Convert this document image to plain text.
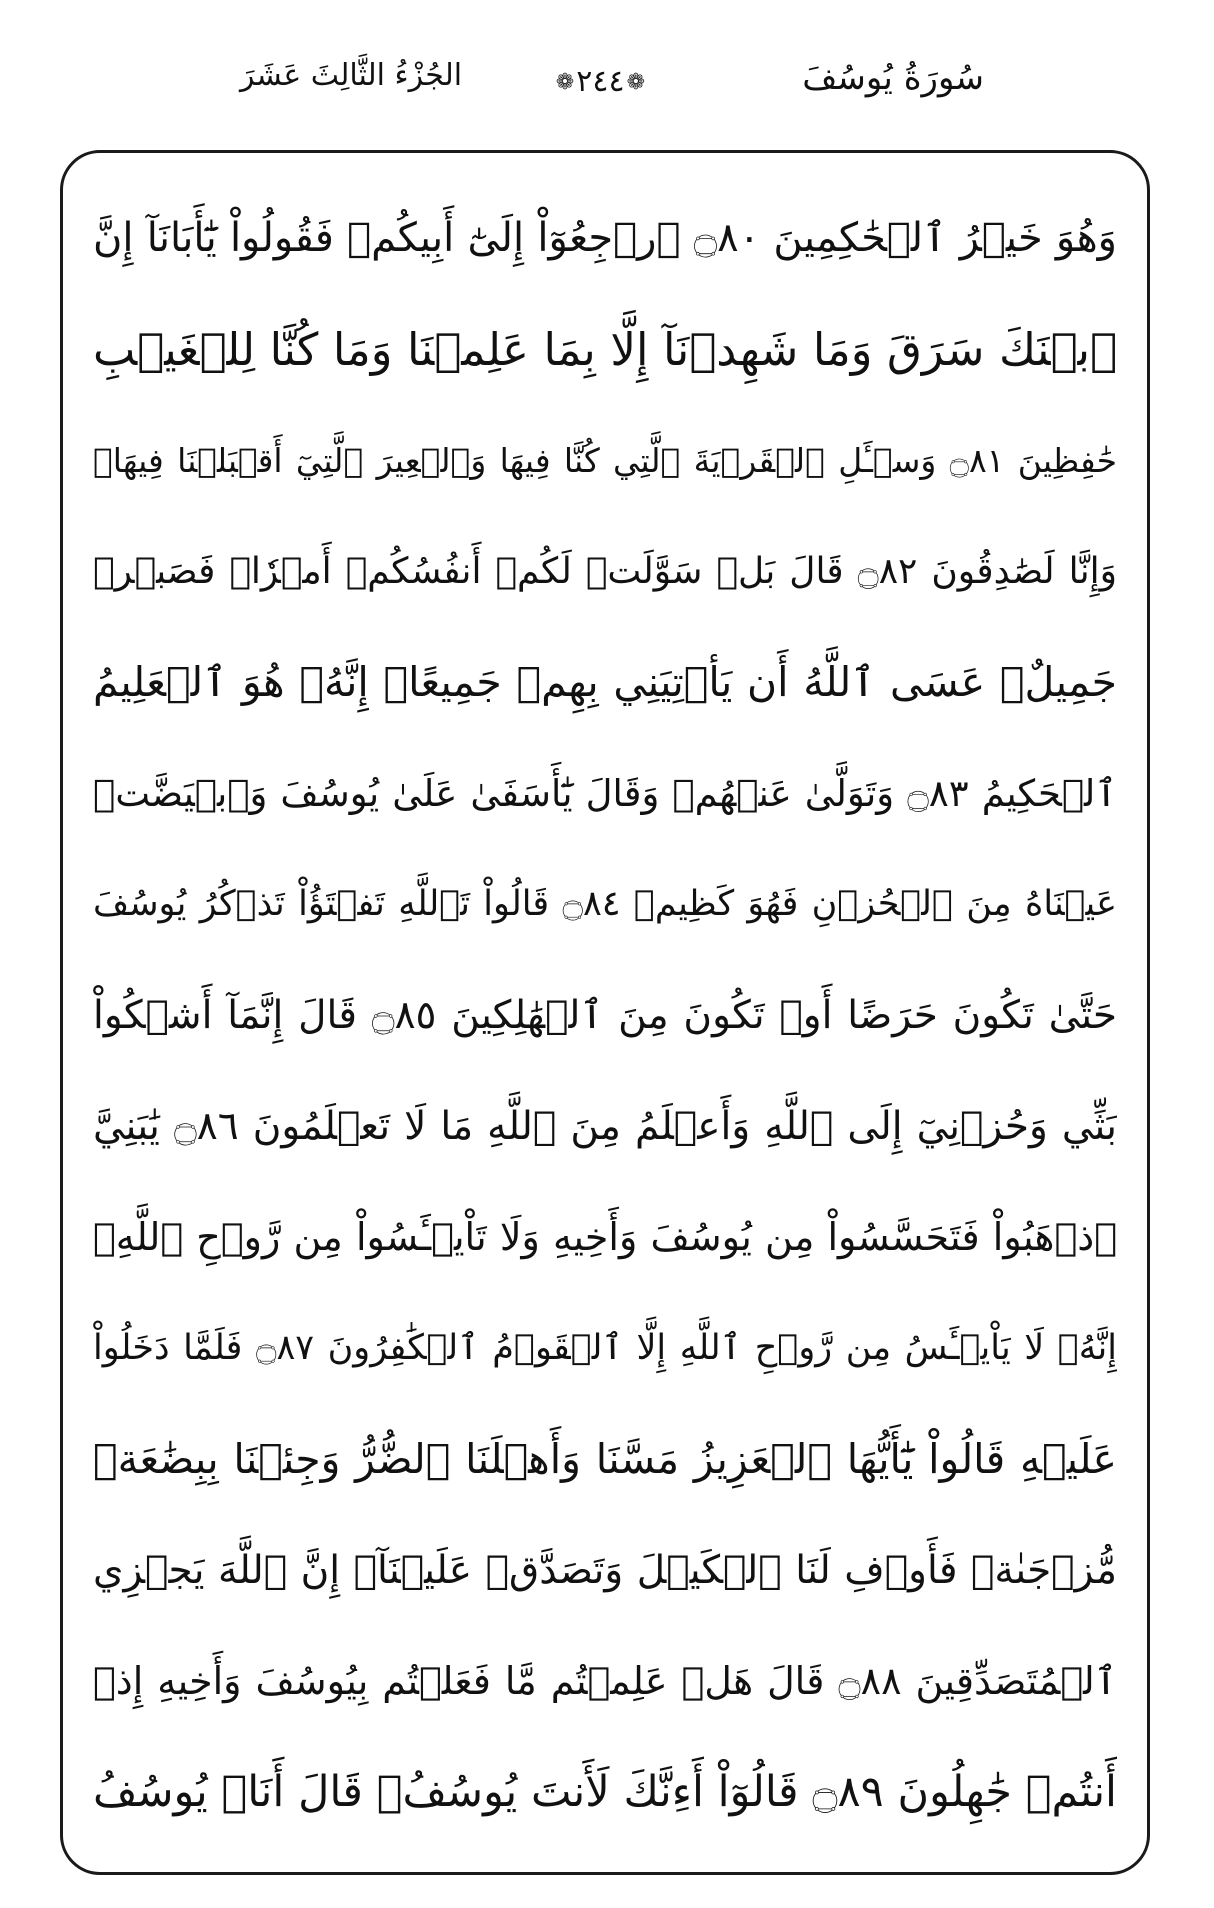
سُورَةُ يُوسُفَ
❁٢٤٤❁
الجُزْءُ الثَّالِثَ عَشَرَ
وَهُوَ خَيۡرُ ٱلۡحَٰكِمِينَ ۝٨٠ ٱرۡجِعُوٓاْ إِلَىٰٓ أَبِيكُمۡ فَقُولُواْ يَٰٓأَبَانَآ إِنَّ
ٱبۡنَكَ سَرَقَ وَمَا شَهِدۡنَآ إِلَّا بِمَا عَلِمۡنَا وَمَا كُنَّا لِلۡغَيۡبِ
حَٰفِظِينَ ۝٨١ وَسۡـَٔلِ ٱلۡقَرۡيَةَ ٱلَّتِي كُنَّا فِيهَا وَٱلۡعِيرَ ٱلَّتِيٓ أَقۡبَلۡنَا فِيهَاۖ
وَإِنَّا لَصَٰدِقُونَ ۝٨٢ قَالَ بَلۡ سَوَّلَتۡ لَكُمۡ أَنفُسُكُمۡ أَمۡرٗاۖ فَصَبۡرٞ
جَمِيلٌۖ عَسَى ٱللَّهُ أَن يَأۡتِيَنِي بِهِمۡ جَمِيعًاۚ إِنَّهُۥ هُوَ ٱلۡعَلِيمُ
ٱلۡحَكِيمُ ۝٨٣ وَتَوَلَّىٰ عَنۡهُمۡ وَقَالَ يَٰٓأَسَفَىٰ عَلَىٰ يُوسُفَ وَٱبۡيَضَّتۡ
عَيۡنَاهُ مِنَ ٱلۡحُزۡنِ فَهُوَ كَظِيمٞ ۝٨٤ قَالُواْ تَٱللَّهِ تَفۡتَؤُاْ تَذۡكُرُ يُوسُفَ
حَتَّىٰ تَكُونَ حَرَضًا أَوۡ تَكُونَ مِنَ ٱلۡهَٰلِكِينَ ۝٨٥ قَالَ إِنَّمَآ أَشۡكُواْ
بَثِّي وَحُزۡنِيٓ إِلَى ٱللَّهِ وَأَعۡلَمُ مِنَ ٱللَّهِ مَا لَا تَعۡلَمُونَ ۝٨٦ يَٰبَنِيَّ
ٱذۡهَبُواْ فَتَحَسَّسُواْ مِن يُوسُفَ وَأَخِيهِ وَلَا تَاْيۡـَٔسُواْ مِن رَّوۡحِ ٱللَّهِۖ
إِنَّهُۥ لَا يَاْيۡـَٔسُ مِن رَّوۡحِ ٱللَّهِ إِلَّا ٱلۡقَوۡمُ ٱلۡكَٰفِرُونَ ۝٨٧ فَلَمَّا دَخَلُواْ
عَلَيۡهِ قَالُواْ يَٰٓأَيُّهَا ٱلۡعَزِيزُ مَسَّنَا وَأَهۡلَنَا ٱلضُّرُّ وَجِئۡنَا بِبِضَٰعَةٖ
مُّزۡجَىٰةٖ فَأَوۡفِ لَنَا ٱلۡكَيۡلَ وَتَصَدَّقۡ عَلَيۡنَآۖ إِنَّ ٱللَّهَ يَجۡزِي
ٱلۡمُتَصَدِّقِينَ ۝٨٨ قَالَ هَلۡ عَلِمۡتُم مَّا فَعَلۡتُم بِيُوسُفَ وَأَخِيهِ إِذۡ
أَنتُمۡ جَٰهِلُونَ ۝٨٩ قَالُوٓاْ أَءِنَّكَ لَأَنتَ يُوسُفُۖ قَالَ أَنَا۠ يُوسُفُ
